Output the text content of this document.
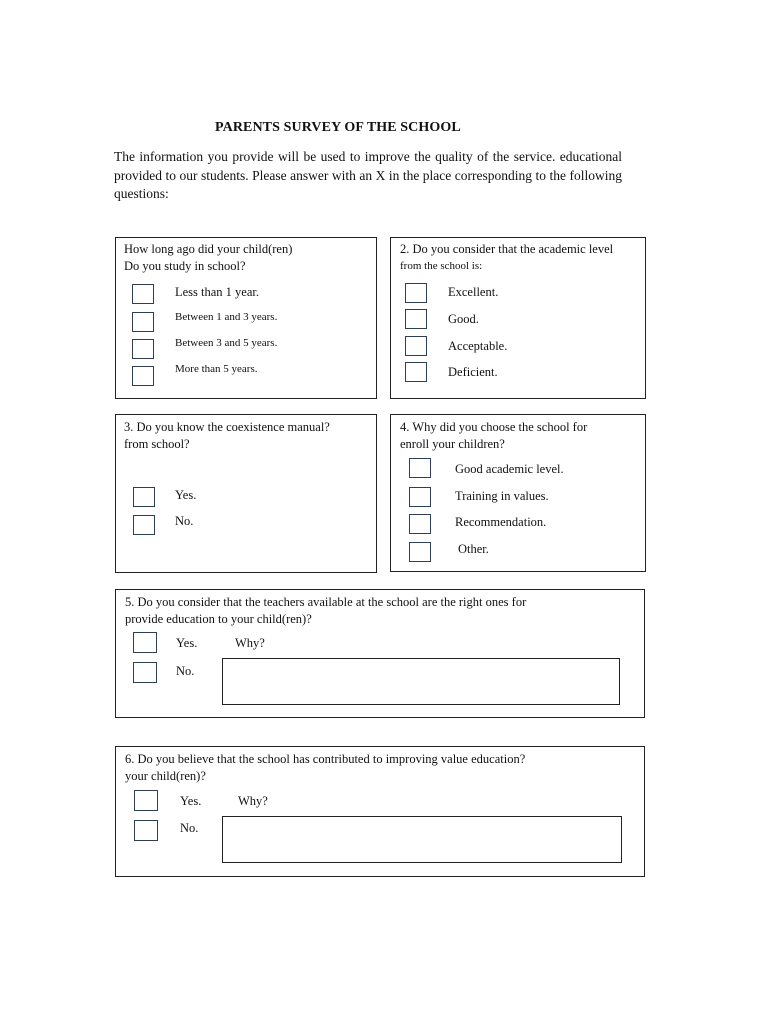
PARENTS SURVEY OF THE SCHOOL
The information you provide will be used to improve the quality of the service. educational provided to our students. Please answer with an X in the place corresponding to the following questions:
How long ago did your child(ren)
Do you study in school?
Less than 1 year.
Between 1 and 3 years.
Between 3 and 5 years.
More than 5 years.
2. Do you consider that the academic level
from the school is:
Excellent.
Good.
Acceptable.
Deficient.
3. Do you know the coexistence manual?
from school?
Yes.
No.
4. Why did you choose the school for
enroll your children?
Good academic level.
Training in values.
Recommendation.
Other.
5. Do you consider that the teachers available at the school are the right ones for
provide education to your child(ren)?
Yes.	Why?
No.
6. Do you believe that the school has contributed to improving value education?
your child(ren)?
Yes.	Why?
No.
